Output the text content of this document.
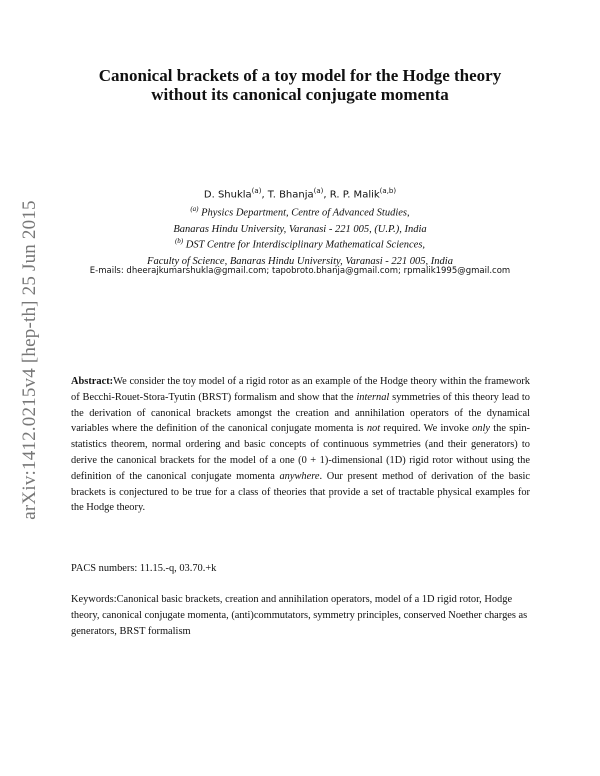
arXiv:1412.0215v4 [hep-th] 25 Jun 2015
Canonical brackets of a toy model for the Hodge theory
without its canonical conjugate momenta
D. Shukla$^{(a)}$, T. Bhanja$^{(a)}$, R. P. Malik$^{(a,b)}$
$^{(a)}$ Physics Department, Centre of Advanced Studies,
Banaras Hindu University, Varanasi - 221 005, (U.P.), India
$^{(b)}$ DST Centre for Interdisciplinary Mathematical Sciences,
Faculty of Science, Banaras Hindu University, Varanasi - 221 005, India
E-mails: dheerajkumarshukla@gmail.com; tapobroto.bhanja@gmail.com; rpmalik1995@gmail.com
Abstract:We consider the toy model of a rigid rotor as an example of the Hodge theory within the framework of Becchi-Rouet-Stora-Tyutin (BRST) formalism and show that the internal symmetries of this theory lead to the derivation of canonical brackets amongst the creation and annihilation operators of the dynamical variables where the definition of the canonical conjugate momenta is not required. We invoke only the spin-statistics theorem, normal ordering and basic concepts of continuous symmetries (and their generators) to derive the canonical brackets for the model of a one (0 + 1)-dimensional (1D) rigid rotor without using the definition of the canonical conjugate momenta anywhere. Our present method of derivation of the basic brackets is conjectured to be true for a class of theories that provide a set of tractable physical examples for the Hodge theory.
PACS numbers: 11.15.-q, 03.70.+k
Keywords:Canonical basic brackets, creation and annihilation operators, model of a 1D rigid rotor, Hodge theory, canonical conjugate momenta, (anti)commutators, symmetry principles, conserved Noether charges as generators, BRST formalism
